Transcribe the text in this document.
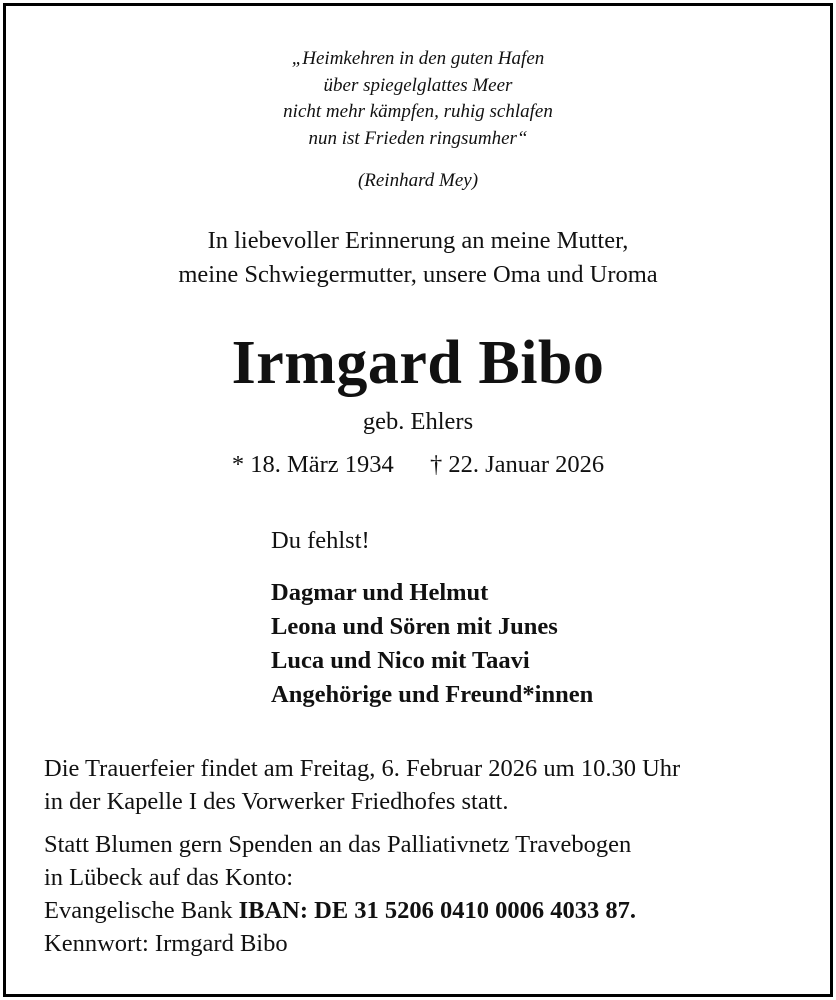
„Heimkehren in den guten Hafen
über spiegelglattes Meer
nicht mehr kämpfen, ruhig schlafen
nun ist Frieden ringsumher“
(Reinhard Mey)
In liebevoller Erinnerung an meine Mutter,
meine Schwiegermutter, unsere Oma und Uroma
Irmgard Bibo
geb. Ehlers
* 18. März 1934 † 22. Januar 2026
Du fehlst!
Dagmar und Helmut
Leona und Sören mit Junes
Luca und Nico mit Taavi
Angehörige und Freund*innen
Die Trauerfeier findet am Freitag, 6. Februar 2026 um 10.30 Uhr
in der Kapelle I des Vorwerker Friedhofes statt.
Statt Blumen gern Spenden an das Palliativnetz Travebogen
in Lübeck auf das Konto:
Evangelische Bank IBAN: DE 31 5206 0410 0006 4033 87.
Kennwort: Irmgard Bibo
